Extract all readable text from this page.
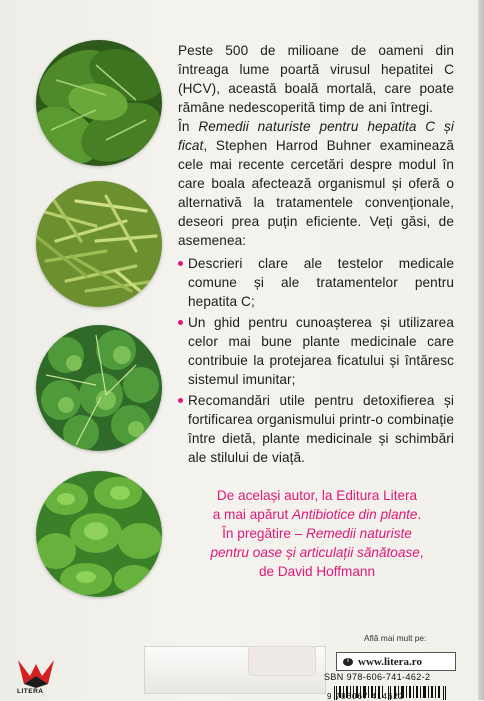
Peste 500 de milioane de oameni din întreaga lume poartă virusul hepatitei C (HCV), această boală mortală, care poate rămâne nedescoperită timp de ani întregi.

În Remedii naturiste pentru hepatita C și ficat, Stephen Harrod Buhner examinează cele mai recente cercetări despre modul în care boala afectează organismul și oferă o alternativă la tratamentele convenționale, deseori prea puțin eficiente. Veți găsi, de asemenea:

Descrieri clare ale testelor medicale comune și ale tratamentelor pentru hepatita C;
Un ghid pentru cunoașterea și utilizarea celor mai bune plante medicinale care contribuie la protejarea ficatului și întăresc sistemul imunitar;
Recomandări utile pentru detoxifierea și fortificarea organismului printr-o combinație între dietă, plante medicinale și schimbări ale stilului de viață.
De același autor, la Editura Litera
a mai apărut Antibiotice din plante.
În pregătire – Remedii naturiste
pentru oase și articulații sănătoase,
de David Hoffmann
Află mai mult pe:
www.litera.ro
SBN 978-606-741-462-2
9 786067 414622
LITERA
